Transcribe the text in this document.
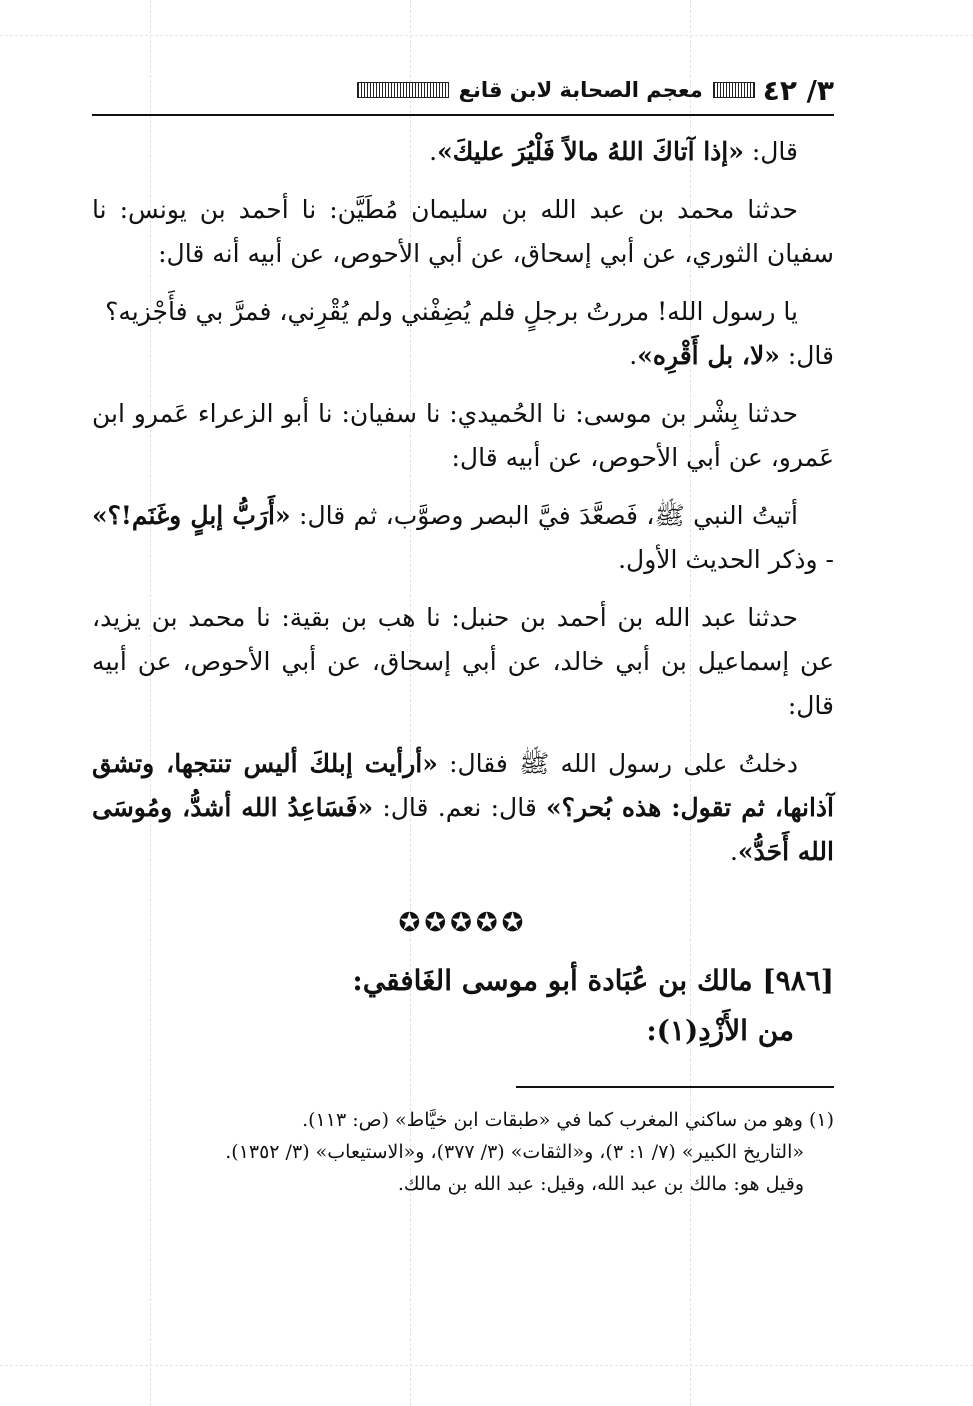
٣/ ٤٢
معجم الصحابة لابن قانع

قال: «إذا آتاكَ اللهُ مالاً فَلْيُرَ عليكَ».

حدثنا محمد بن عبد الله بن سليمان مُطَيَّن: نا أحمد بن يونس: نا سفيان الثوري، عن أبي إسحاق، عن أبي الأحوص، عن أبيه أنه قال:

يا رسول الله! مررتُ برجلٍ فلم يُضِفْني ولم يُقْرِني، فمرَّ بي فأَجْزيه؟
قال: «لا، بل أَقْرِه».

حدثنا بِشْر بن موسى: نا الحُميدي: نا سفيان: نا أبو الزعراء عَمرو ابن عَمرو، عن أبي الأحوص، عن أبيه قال:

أتيتُ النبي ﷺ، فَصعَّدَ فيَّ البصر وصوَّب، ثم قال: «أَرَبُّ إبلٍ وغَنَم!؟» - وذكر الحديث الأول.

حدثنا عبد الله بن أحمد بن حنبل: نا هب بن بقية: نا محمد بن يزيد، عن إسماعيل بن أبي خالد، عن أبي إسحاق، عن أبي الأحوص، عن أبيه قال:

دخلتُ على رسول الله ﷺ فقال: «أرأيت إبلكَ أليس تنتجها، وتشق آذانها، ثم تقول: هذه بُحر؟» قال: نعم. قال: «فَسَاعِدُ الله أشدُّ، ومُوسَى الله أَحَدُّ».

✪✪✪✪✪

[٩٨٦] مالك بن عُبَادة أبو موسى الغَافقي:

من الأَزْدِ(١):

(١) وهو من ساكني المغرب كما في «طبقات ابن خيَّاط» (ص: ١١٣).

«التاريخ الكبير» (٧/ ١: ٣)، و«الثقات» (٣/ ٣٧٧)، و«الاستيعاب» (٣/ ١٣٥٢).

وقيل هو: مالك بن عبد الله، وقيل: عبد الله بن مالك.
